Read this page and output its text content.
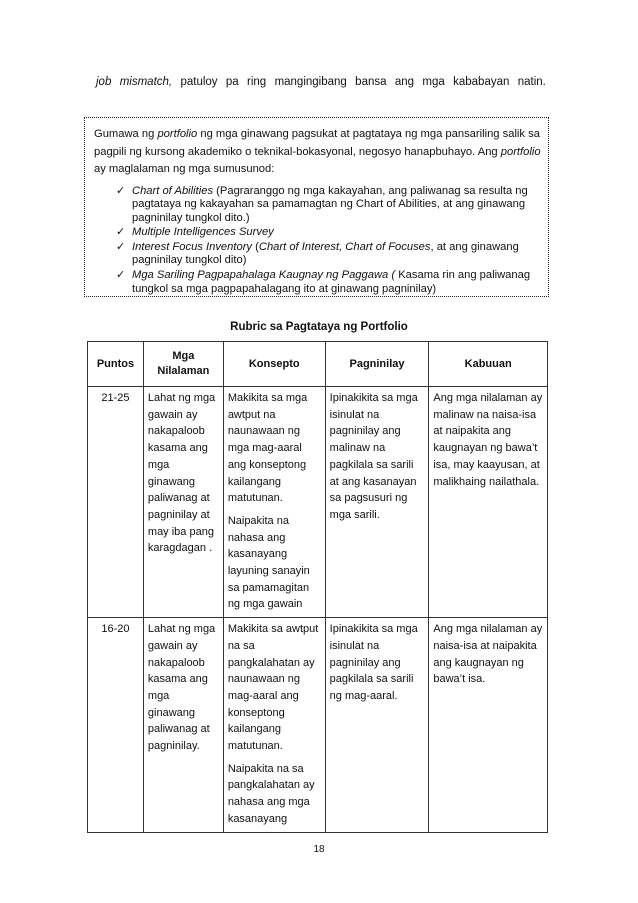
job mismatch, patuloy pa ring mangingibang bansa ang mga kababayan natin.

Gumawa ng portfolio ng mga ginawang pagsukat at pagtataya ng mga pansariling salik sa pagpili ng kursong akademiko o teknikal-bokasyonal, negosyo hanapbuhayo. Ang portfolio ay maglalaman ng mga sumusunod:

✓ Chart of Abilities (Pagraranggo ng mga kakayahan, ang paliwanag sa resulta ng pagtataya ng kakayahan sa pamamagtan ng Chart of Abilities, at ang ginawang pagninilay tungkol dito.)
✓ Multiple Intelligences Survey
✓ Interest Focus Inventory (Chart of Interest, Chart of Focuses, at ang ginawang pagninilay tungkol dito)
✓ Mga Sariling Pagpapahalaga Kaugnay ng Paggawa ( Kasama rin ang paliwanag tungkol sa mga pagpapahalagang ito at ginawang pagninilay)
Rubric sa Pagtataya ng Portfolio
Puntos	Mga Nilalaman	Konsepto	Pagninilay	Kabuuan
21-25	Lahat ng mga gawain ay nakapaloob kasama ang mga ginawang paliwanag at pagninilay at may iba pang karagdagan .	Makikita sa mga awtput na naunawaan ng mga mag-aaral ang konseptong kailangang matutunan.
Naipakita na nahasa ang kasanayang layuning sanayin sa pamamagitan ng mga gawain	Ipinakikita sa mga isinulat na pagninilay ang malinaw na pagkilala sa sarili at ang kasanayan sa pagsusuri ng mga sarili.	Ang mga nilalaman ay malinaw na naisa-isa at naipakita ang kaugnayan ng bawa’t isa, may kaayusan, at malikhaing nailathala.
16-20	Lahat ng mga gawain ay nakapaloob kasama ang mga ginawang paliwanag at pagninilay.	Makikita sa awtput na sa pangkalahatan ay naunawaan ng mag-aaral ang konseptong kailangang matutunan.
Naipakita na sa pangkalahatan ay nahasa ang mga kasanayang	Ipinakikita sa mga isinulat na pagninilay ang pagkilala sa sarili ng mag-aaral.	Ang mga nilalaman ay naisa-isa at naipakita ang kaugnayan ng bawa’t isa.
18
